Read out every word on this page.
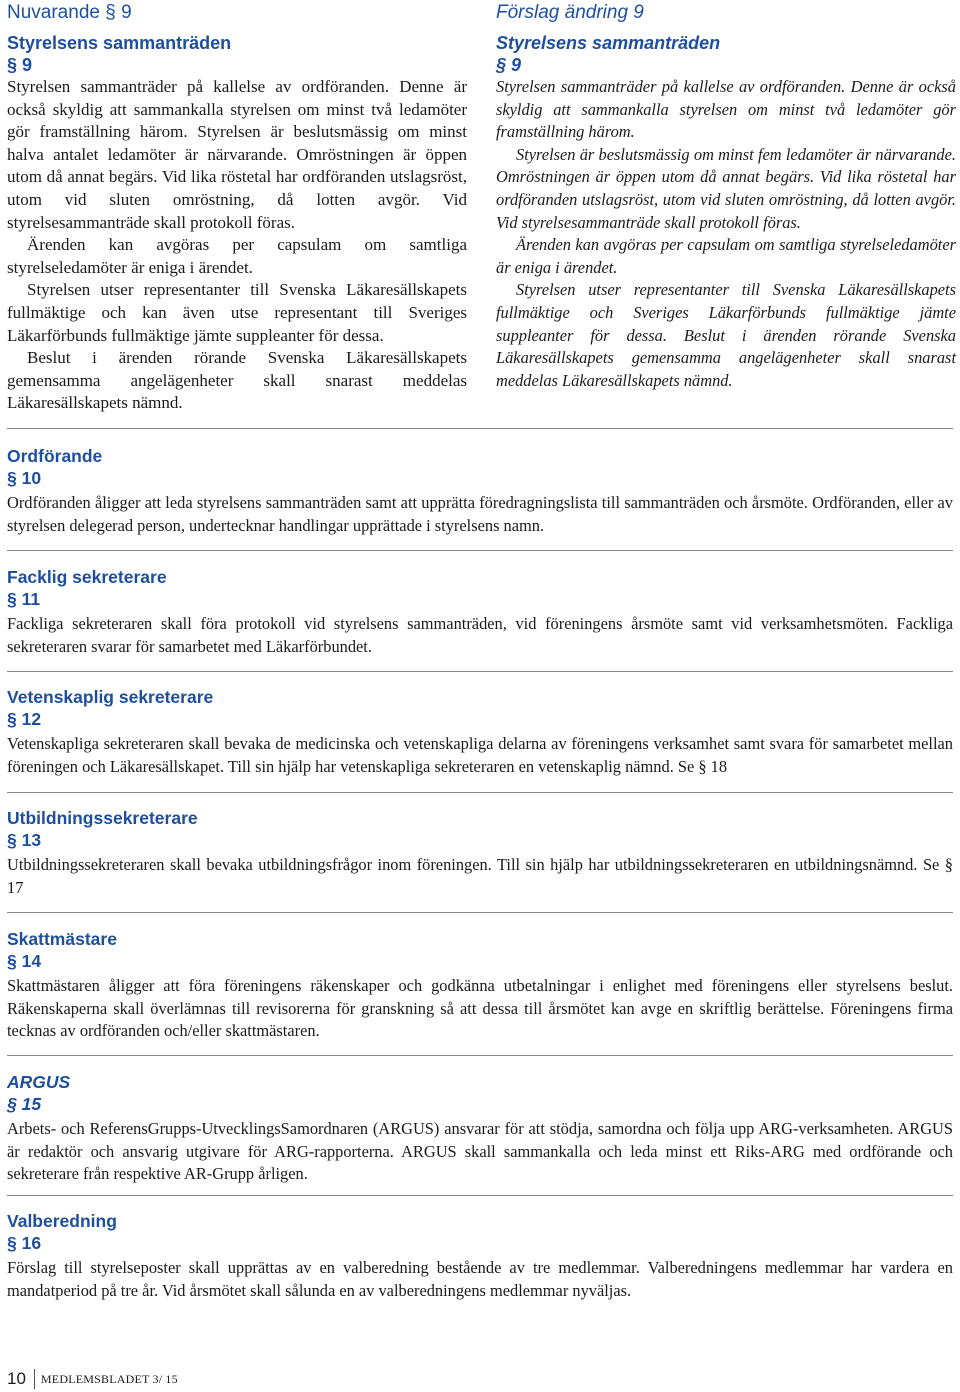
Nuvarande § 9
Styrelsens sammanträden
§ 9

Styrelsen sammanträder på kallelse av ordföranden. Denne är också skyldig att sammankalla styrelsen om minst två ledamöter gör framställning härom. Styrelsen är beslutsmässig om minst halva antalet ledamöter är närvarande. Omröstningen är öppen utom då annat begärs. Vid lika röstetal har ordföranden utslagsröst, utom vid sluten omröstning, då lotten avgör. Vid styrelsesammanträde skall protokoll föras.

Ärenden kan avgöras per capsulam om samtliga styrelseledamöter är eniga i ärendet.

Styrelsen utser representanter till Svenska Läkaresällskapets fullmäktige och kan även utse representant till Sveriges Läkarförbunds fullmäktige jämte suppleanter för dessa.

Beslut i ärenden rörande Svenska Läkaresällskapets gemensamma angelägenheter skall snarast meddelas Läkaresällskapets nämnd.

Förslag ändring 9
Styrelsens sammanträden
§ 9

Styrelsen sammanträder på kallelse av ordföranden. Denne är också skyldig att sammankalla styrelsen om minst två ledamöter gör framställning härom.

Styrelsen är beslutsmässig om minst fem ledamöter är närvarande. Omröstningen är öppen utom då annat begärs. Vid lika röstetal har ordföranden utslagsröst, utom vid sluten omröstning, då lotten avgör. Vid styrelsesammanträde skall protokoll föras.

Ärenden kan avgöras per capsulam om samtliga styrelseledamöter är eniga i ärendet.

Styrelsen utser representanter till Svenska Läkaresällskapets fullmäktige och Sveriges Läkarförbunds fullmäktige jämte suppleanter för dessa. Beslut i ärenden rörande Svenska Läkaresällskapets gemensamma angelägenheter skall snarast meddelas Läkaresällskapets nämnd.

Ordförande
§ 10

Ordföranden åligger att leda styrelsens sammanträden samt att upprätta föredragningslista till sammanträden och årsmöte. Ordföranden, eller av styrelsen delegerad person, undertecknar handlingar upprättade i styrelsens namn.

Facklig sekreterare
§ 11

Fackliga sekreteraren skall föra protokoll vid styrelsens sammanträden, vid föreningens årsmöte samt vid verksamhetsmöten. Fackliga sekreteraren svarar för samarbetet med Läkarförbundet.

Vetenskaplig sekreterare
§ 12

Vetenskapliga sekreteraren skall bevaka de medicinska och vetenskapliga delarna av föreningens verksamhet samt svara för samarbetet mellan föreningen och Läkaresällskapet. Till sin hjälp har vetenskapliga sekreteraren en vetenskaplig nämnd. Se § 18

Utbildningssekreterare
§ 13

Utbildningssekreteraren skall bevaka utbildningsfrågor inom föreningen. Till sin hjälp har utbildningssekreteraren en utbildningsnämnd. Se § 17

Skattmästare
§ 14

Skattmästaren åligger att föra föreningens räkenskaper och godkänna utbetalningar i enlighet med föreningens eller styrelsens beslut. Räkenskaperna skall överlämnas till revisorerna för granskning så att dessa till årsmötet kan avge en skriftlig berättelse. Föreningens firma tecknas av ordföranden och/eller skattmästaren.

ARGUS
§ 15

Arbets- och ReferensGrupps-UtvecklingsSamordnaren (ARGUS) ansvarar för att stödja, samordna och följa upp ARG-verksamheten. ARGUS är redaktör och ansvarig utgivare för ARG-rapporterna. ARGUS skall sammankalla och leda minst ett Riks-ARG med ordförande och sekreterare från respektive AR-Grupp årligen.

Valberedning
§ 16

Förslag till styrelseposter skall upprättas av en valberedning bestående av tre medlemmar. Valberedningens medlemmar har vardera en mandatperiod på tre år. Vid årsmötet skall sålunda en av valberedningens medlemmar nyväljas.

10 MEDLEMSBLADET 3/ 15
